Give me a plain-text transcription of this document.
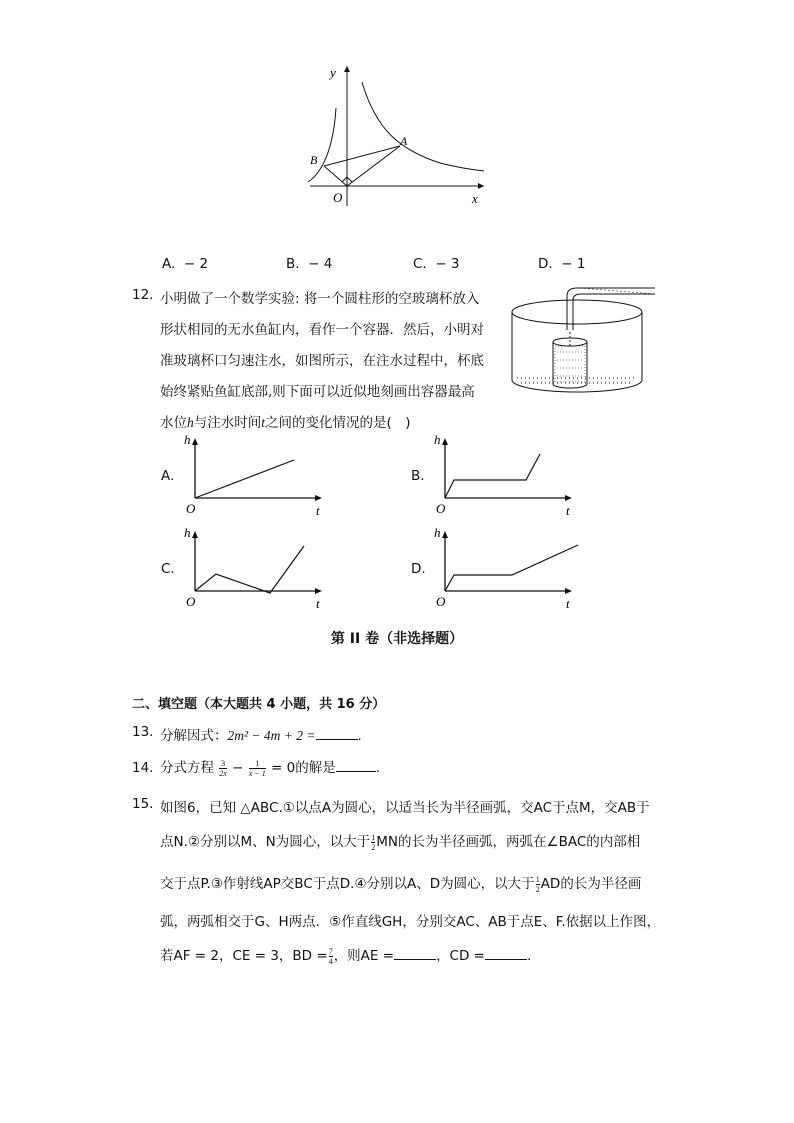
y
x
O
A
B
A. − 2	B. − 4	C. − 3	D. − 1
12. 小明做了一个数学实验: 将一个圆柱形的空玻璃杯放入
形状相同的无水鱼缸内，看作一个容器．然后，小明对
准玻璃杯口匀速注水，如图所示，在注水过程中，杯底
始终紧贴鱼缸底部,则下面可以近似地刻画出容器最高
水位h与注水时间t之间的变化情况的是(　)
A.
h
O	t
B.
h
O	t
C.
h
O	t
D.
h
O	t
第 II 卷（非选择题）
二、填空题（本大题共 4 小题，共 16 分）
13. 分解因式：2m² − 4m + 2 =	.
14. 分式方程 $\frac{3}{2x} - \frac{1}{x - 1} = 0$的解是	.
15. 如图6，已知 △ABC.①以点A为圆心，以适当长为半径画弧，交AC于点M，交AB于
点N.②分别以M、N为圆心，以大于 $\frac{1}{2}$ MN的长为半径画弧，两弧在∠BAC的内部相
交于点P.③作射线AP交BC于点D.④分别以A、D为圆心，以大于 $\frac{1}{2}$ AD的长为半径画
弧，两弧相交于G、H两点．⑤作直线GH，分别交AC、AB于点E、F.依据以上作图，
若AF = 2，CE = 3，BD = $\frac{7}{4}$ ，则AE =	，CD =	.
